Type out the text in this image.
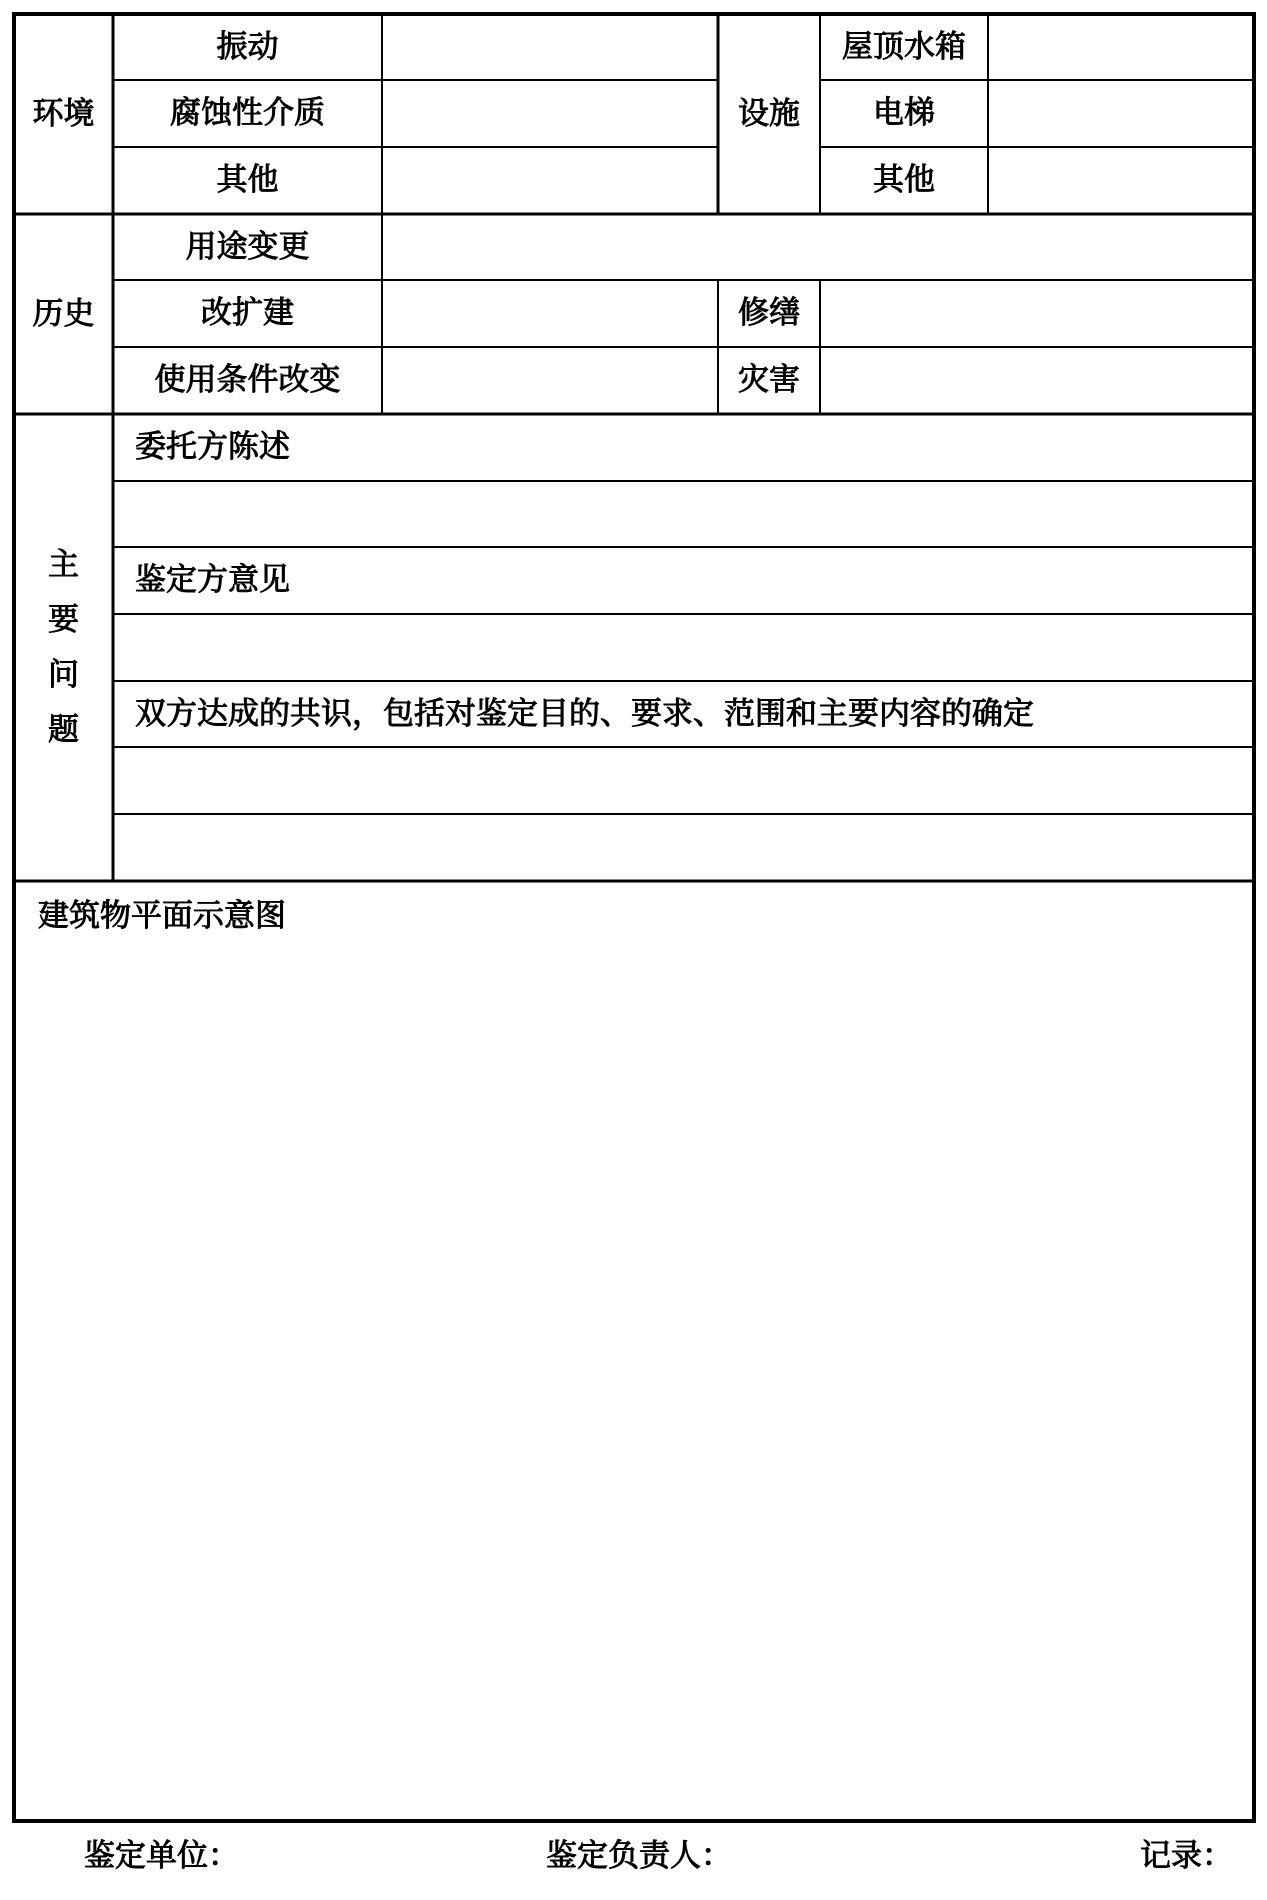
环境
振动
腐蚀性介质
其他
设施
屋顶水箱
电梯
其他
历史
用途变更
改扩建
使用条件改变
修缮
灾害
主
要
问
题
委托方陈述
鉴定方意见
双方达成的共识，包括对鉴定目的、要求、范围和主要内容的确定
建筑物平面示意图
鉴定单位：	鉴定负责人：	记录：
